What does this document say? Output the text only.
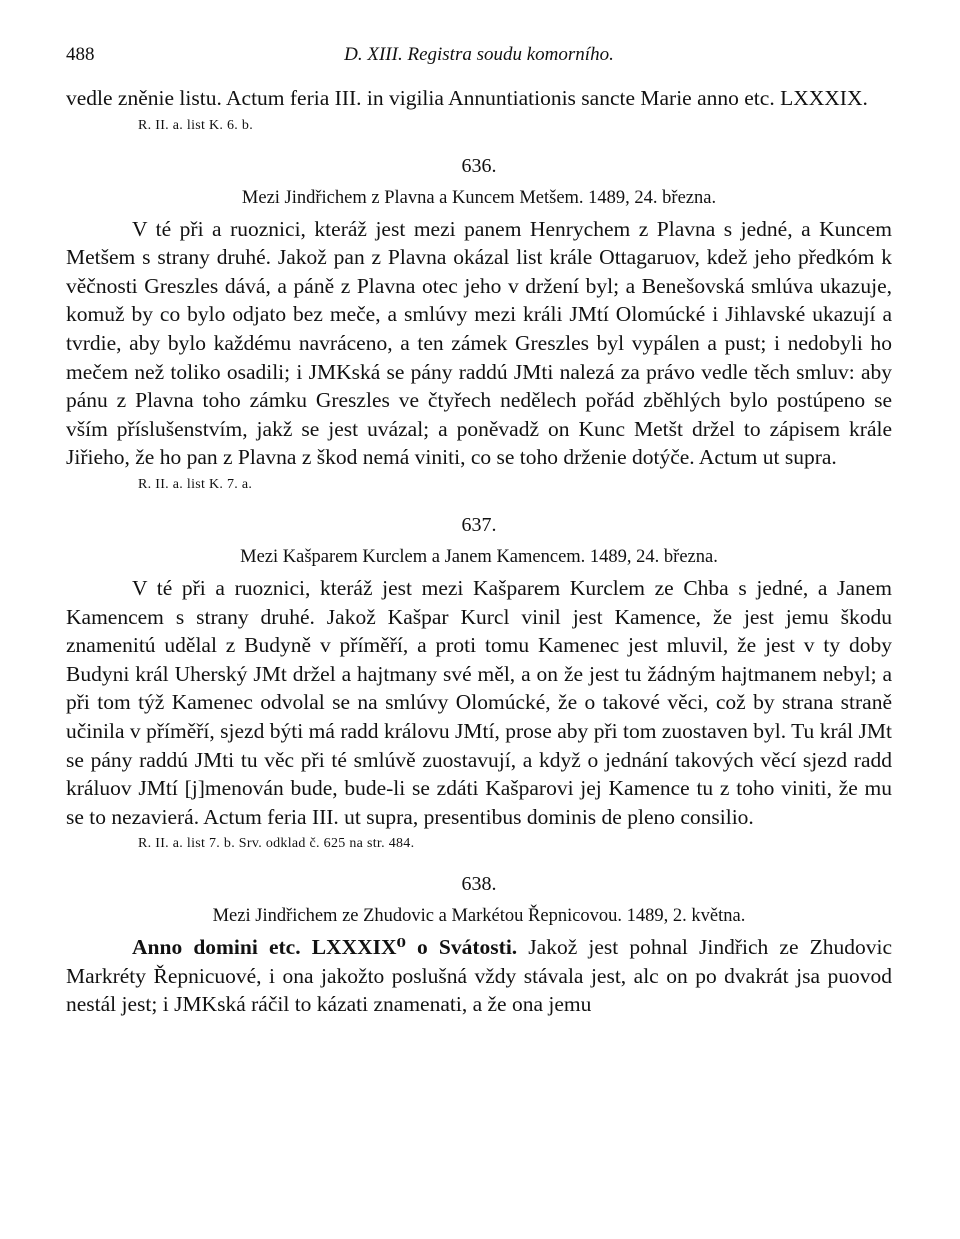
488	D. XIII. Registra soudu komorního.

vedle zněnie listu. Actum feria III. in vigilia Annuntiationis sancte Marie anno etc. LXXXIX.

R. II. a. list K. 6. b.
636.
Mezi Jindřichem z Plavna a Kuncem Metšem. 1489, 24. března.

V té při a ruoznici, kteráž jest mezi panem Henrychem z Plavna s jedné, a Kuncem Metšem s strany druhé. Jakož pan z Plavna okázal list krále Ottagaruov, kdež jeho předkóm k věčnosti Greszles dává, a páně z Plavna otec jeho v držení byl; a Benešovská smlúva ukazuje, komuž by co bylo odjato bez meče, a smlúvy mezi králi JMtí Olomúcké i Jihlavské ukazují a tvrdie, aby bylo každému navráceno, a ten zámek Greszles byl vypálen a pust; i nedobyli ho mečem než toliko osadili; i JMKská se pány raddú JMti nalezá za právo vedle těch smluv: aby pánu z Plavna toho zámku Greszles ve čtyřech nedělech pořád zběhlých bylo postúpeno se vším příslušenstvím, jakž se jest uvázal; a poněvadž on Kunc Metšt držel to zápisem krále Jiřieho, že ho pan z Plavna z škod nemá viniti, co se toho drženie dotýče. Actum ut supra.

R. II. a. list K. 7. a.
637.
Mezi Kašparem Kurclem a Janem Kamencem. 1489, 24. března.

V té při a ruoznici, kteráž jest mezi Kašparem Kurclem ze Chba s jedné, a Janem Kamencem s strany druhé. Jakož Kašpar Kurcl vinil jest Kamence, že jest jemu škodu znamenitú udělal z Budyně v příměří, a proti tomu Kamenec jest mluvil, že jest v ty doby Budyni král Uherský JMt držel a hajtmany své měl, a on že jest tu žádným hajtmanem nebyl; a při tom týž Kamenec odvolal se na smlúvy Olomúcké, že o takové věci, což by strana straně učinila v příměří, sjezd býti má radd královu JMtí, prose aby při tom zuostaven byl. Tu král JMt se pány raddú JMti tu věc při té smlúvě zuostavují, a když o jednání takových věcí sjezd radd králuov JMtí [j]menován bude, bude-li se zdáti Kašparovi jej Kamence tu z toho viniti, že mu se to nezavierá. Actum feria III. ut supra, presentibus dominis de pleno consilio.

R. II. a. list 7. b. Srv. odklad č. 625 na str. 484.
638.
Mezi Jindřichem ze Zhudovic a Markétou Řepnicovou. 1489, 2. května.

Anno domini etc. LXXXIX⁰ o Svátosti. Jakož jest pohnal Jindřich ze Zhudovic Markréty Řepnicuové, i ona jakožto poslušná vždy stávala jest, alc on po dvakrát jsa puovod nestál jest; i JMKská ráčil to kázati znamenati, a že ona jemu
